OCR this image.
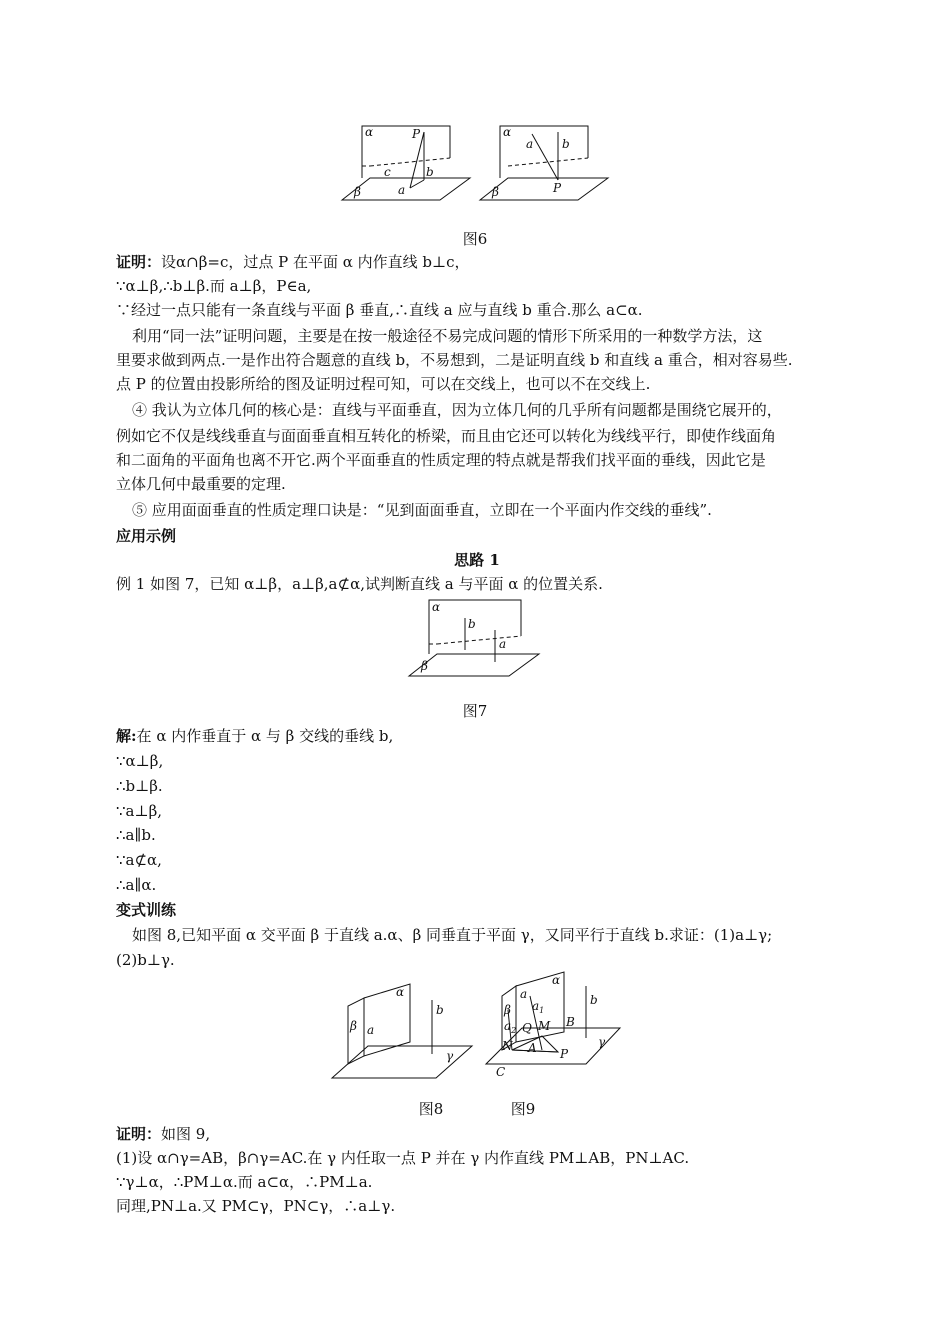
α	P
c	b
a
β
α
a b
P
β
图6
证明：设α∩β=c，过点 P 在平面 α 内作直线 b⊥c，
∵α⊥β,∴b⊥β.而 a⊥β，P∈a,
∵经过一点只能有一条直线与平面 β 垂直,∴直线 a 应与直线 b 重合.那么 a⊂α.
利用“同一法”证明问题，主要是在按一般途径不易完成问题的情形下所采用的一种数学方法，这
里要求做到两点.一是作出符合题意的直线 b，不易想到，二是证明直线 b 和直线 a 重合，相对容易些.
点 P 的位置由投影所给的图及证明过程可知，可以在交线上，也可以不在交线上.
④ 我认为立体几何的核心是：直线与平面垂直，因为立体几何的几乎所有问题都是围绕它展开的，
例如它不仅是线线垂直与面面垂直相互转化的桥梁，而且由它还可以转化为线线平行，即使作线面角
和二面角的平面角也离不开它.两个平面垂直的性质定理的特点就是帮我们找平面的垂线，因此它是
立体几何中最重要的定理.
⑤ 应用面面垂直的性质定理口诀是：“见到面面垂直，立即在一个平面内作交线的垂线”.
应用示例
思路 1
例 1 如图 7，已知 α⊥β，a⊥β,a⊄α,试判断直线 a 与平面 α 的位置关系.
α
b
a
β
图7
解:在 α 内作垂直于 α 与 β 交线的垂线 b,
∵α⊥β,
∴b⊥β.
∵a⊥β,
∴a∥b.
∵a⊄α,
∴a∥α.
变式训练
如图 8,已知平面 α 交平面 β 于直线 a.α、β 同垂直于平面 γ，又同平行于直线 b.求证：(1)a⊥γ;
(2)b⊥γ.
α
β a
b
γ
α
β
a
$a_1$
$a_2$ Q M B
b
N A P
γ
C
图8	图9
证明：如图 9,
(1)设 α∩γ=AB，β∩γ=AC.在 γ 内任取一点 P 并在 γ 内作直线 PM⊥AB，PN⊥AC.
∵γ⊥α，∴PM⊥α.而 a⊂α，∴PM⊥a.
同理,PN⊥a.又 PM⊂γ，PN⊂γ，∴a⊥γ.
